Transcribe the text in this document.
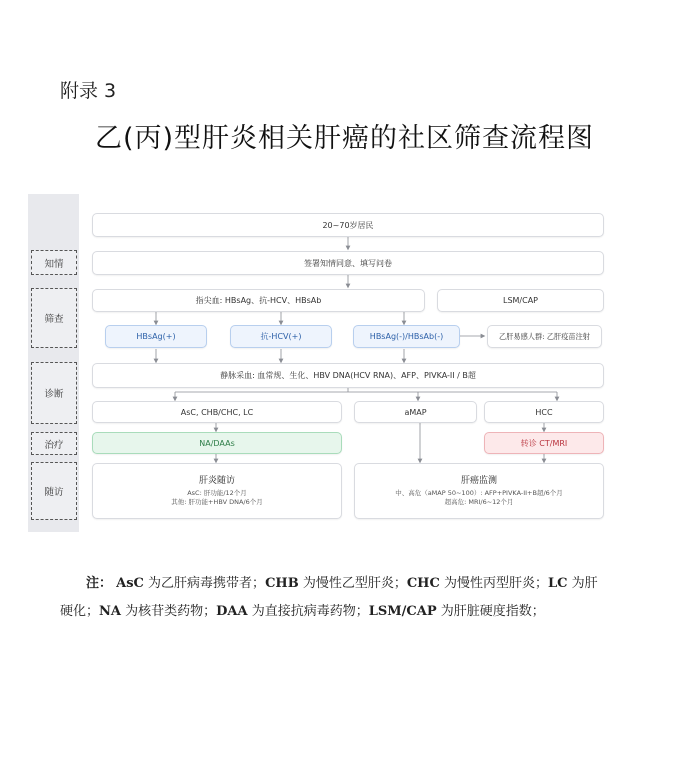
附录 3
乙(丙)型肝炎相关肝癌的社区筛查流程图
知情
筛查
诊断
治疗
随访
20~70岁居民
签署知情同意、填写问卷
指尖血: HBsAg、抗-HCV、HBsAb	LSM/CAP
HBsAg(+)	抗-HCV(+)	HBsAg(-)/HBsAb(-)	乙肝易感人群: 乙肝疫苗注射
静脉采血: 血常规、生化、HBV DNA(HCV RNA)、AFP、PIVKA-II / B超
AsC, CHB/CHC, LC	aMAP	HCC
NA/DAAs	转诊 CT/MRI
肝炎随访
AsC: 肝功能/12个月
其他: 肝功能+HBV DNA/6个月
肝癌监测
中、高危（aMAP 50~100）: AFP+PIVKA-II+B超/6个月
超高危: MRI/6~12个月
注： AsC 为乙肝病毒携带者；CHB 为慢性乙型肝炎；CHC 为慢性丙型肝炎；LC 为肝
硬化；NA 为核苷类药物；DAA 为直接抗病毒药物；LSM/CAP 为肝脏硬度指数；
